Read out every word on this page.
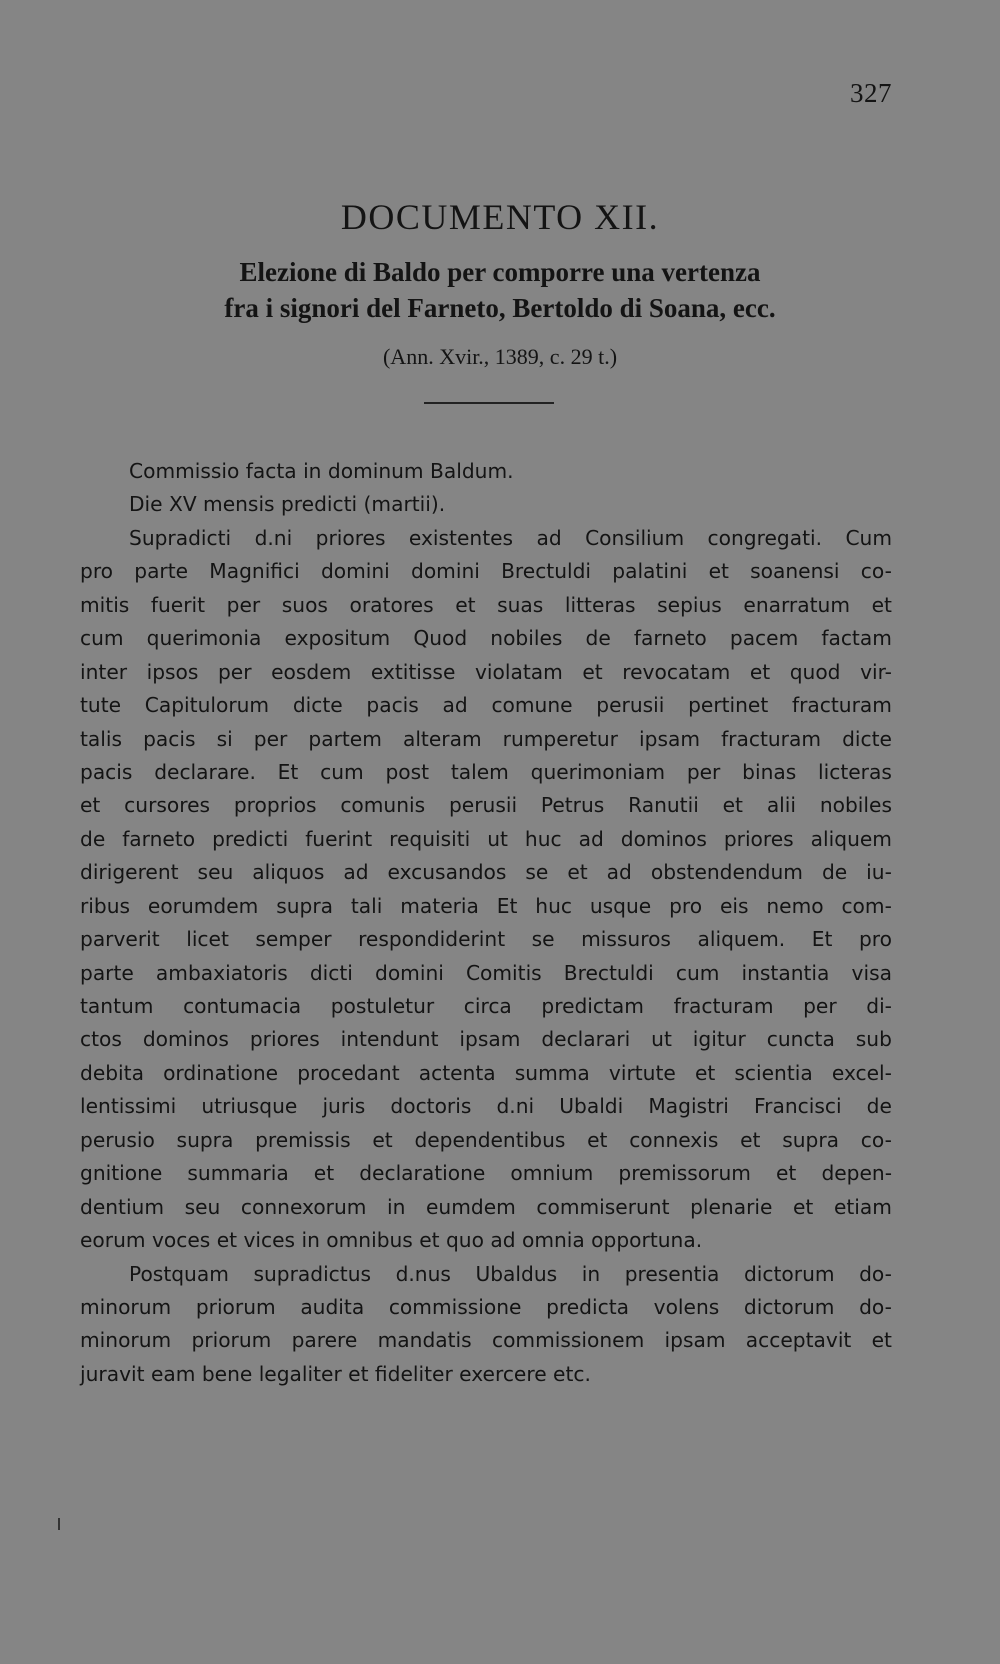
327
DOCUMENTO XII.
Elezione di Baldo per comporre una vertenza
fra i signori del Farneto, Bertoldo di Soana, ecc.
(Ann. Xvir., 1389, c. 29 t.)
Commissio facta in dominum Baldum.
Die XV mensis predicti (martii).
Supradicti d.ni priores existentes ad Consilium congregati. Cum
pro parte Magnifici domini domini Brectuldi palatini et soanensi co-
mitis fuerit per suos oratores et suas litteras sepius enarratum et
cum querimonia expositum Quod nobiles de farneto pacem factam
inter ipsos per eosdem extitisse violatam et revocatam et quod vir-
tute Capitulorum dicte pacis ad comune perusii pertinet fracturam
talis pacis si per partem alteram rumperetur ipsam fracturam dicte
pacis declarare. Et cum post talem querimoniam per binas licteras
et cursores proprios comunis perusii Petrus Ranutii et alii nobiles
de farneto predicti fuerint requisiti ut huc ad dominos priores aliquem
dirigerent seu aliquos ad excusandos se et ad obstendendum de iu-
ribus eorumdem supra tali materia Et huc usque pro eis nemo com-
parverit licet semper respondiderint se missuros aliquem. Et pro
parte ambaxiatoris dicti domini Comitis Brectuldi cum instantia visa
tantum contumacia postuletur circa predictam fracturam per di-
ctos dominos priores intendunt ipsam declarari ut igitur cuncta sub
debita ordinatione procedant actenta summa virtute et scientia excel-
lentissimi utriusque juris doctoris d.ni Ubaldi Magistri Francisci de
perusio supra premissis et dependentibus et connexis et supra co-
gnitione summaria et declaratione omnium premissorum et depen-
dentium seu connexorum in eumdem commiserunt plenarie et etiam
eorum voces et vices in omnibus et quo ad omnia opportuna.
Postquam supradictus d.nus Ubaldus in presentia dictorum do-
minorum priorum audita commissione predicta volens dictorum do-
minorum priorum parere mandatis commissionem ipsam acceptavit et
juravit eam bene legaliter et fideliter exercere etc.
